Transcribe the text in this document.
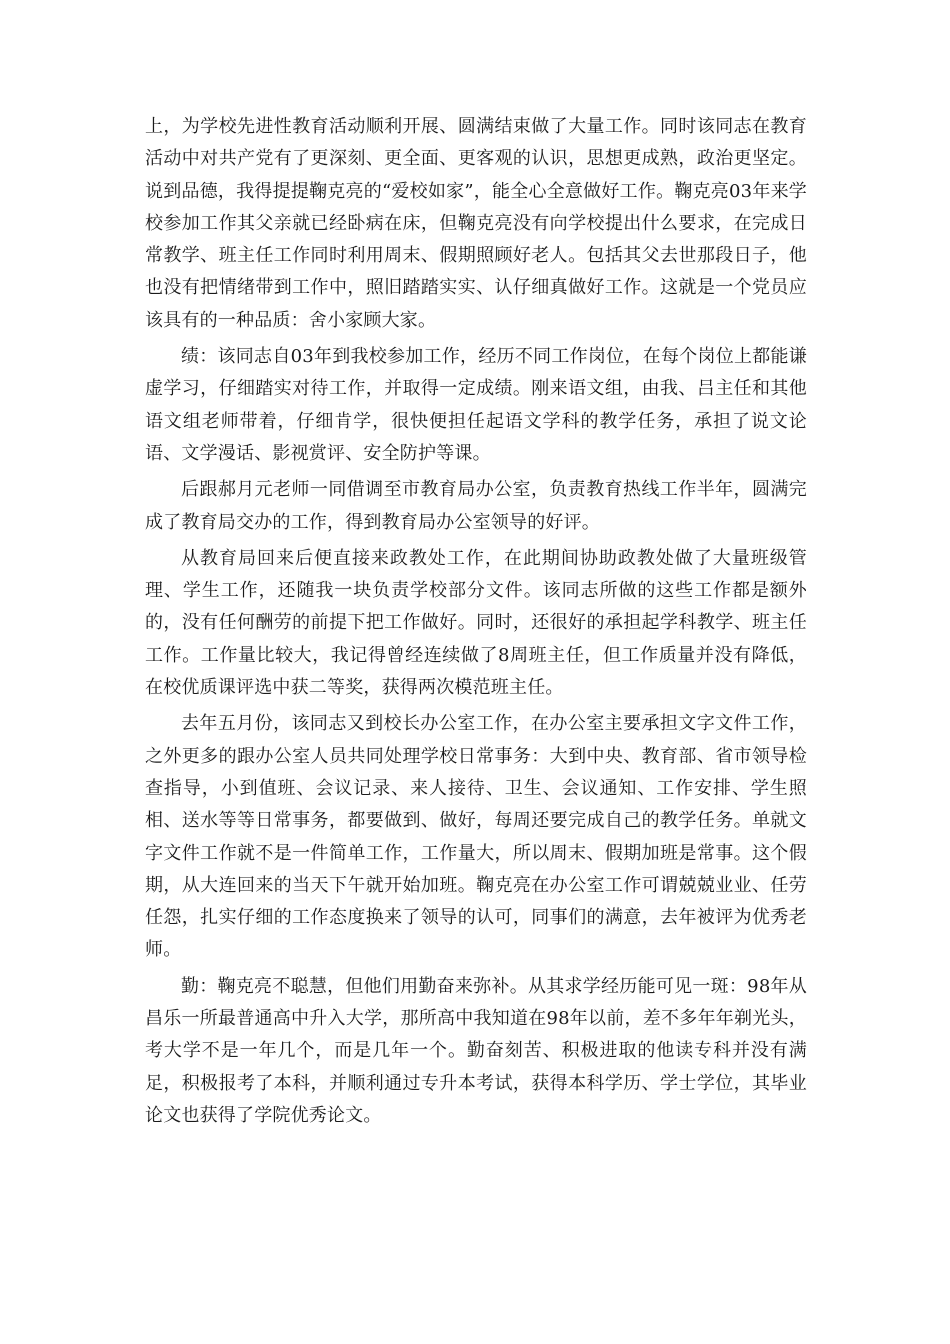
上，为学校先进性教育活动顺利开展、圆满结束做了大量工作。同时该同志在教育活动中对共产党有了更深刻、更全面、更客观的认识，思想更成熟，政治更坚定。说到品德，我得提提鞠克亮的“爱校如家”，能全心全意做好工作。鞠克亮03年来学校参加工作其父亲就已经卧病在床，但鞠克亮没有向学校提出什么要求，在完成日常教学、班主任工作同时利用周末、假期照顾好老人。包括其父去世那段日子，他也没有把情绪带到工作中，照旧踏踏实实、认仔细真做好工作。这就是一个党员应该具有的一种品质：舍小家顾大家。

绩：该同志自03年到我校参加工作，经历不同工作岗位，在每个岗位上都能谦虚学习，仔细踏实对待工作，并取得一定成绩。刚来语文组，由我、吕主任和其他语文组老师带着，仔细肯学，很快便担任起语文学科的教学任务，承担了说文论语、文学漫话、影视赏评、安全防护等课。

后跟郝月元老师一同借调至市教育局办公室，负责教育热线工作半年，圆满完成了教育局交办的工作，得到教育局办公室领导的好评。

从教育局回来后便直接来政教处工作，在此期间协助政教处做了大量班级管理、学生工作，还随我一块负责学校部分文件。该同志所做的这些工作都是额外的，没有任何酬劳的前提下把工作做好。同时，还很好的承担起学科教学、班主任工作。工作量比较大，我记得曾经连续做了8周班主任，但工作质量并没有降低，在校优质课评选中获二等奖，获得两次模范班主任。

去年五月份，该同志又到校长办公室工作，在办公室主要承担文字文件工作，之外更多的跟办公室人员共同处理学校日常事务：大到中央、教育部、省市领导检查指导，小到值班、会议记录、来人接待、卫生、会议通知、工作安排、学生照相、送水等等日常事务，都要做到、做好，每周还要完成自己的教学任务。单就文字文件工作就不是一件简单工作，工作量大，所以周末、假期加班是常事。这个假期，从大连回来的当天下午就开始加班。鞠克亮在办公室工作可谓兢兢业业、任劳任怨，扎实仔细的工作态度换来了领导的认可，同事们的满意，去年被评为优秀老师。

勤：鞠克亮不聪慧，但他们用勤奋来弥补。从其求学经历能可见一斑：98年从昌乐一所最普通高中升入大学，那所高中我知道在98年以前，差不多年年剃光头，考大学不是一年几个，而是几年一个。勤奋刻苦、积极进取的他读专科并没有满足，积极报考了本科，并顺利通过专升本考试，获得本科学历、学士学位，其毕业论文也获得了学院优秀论文。
